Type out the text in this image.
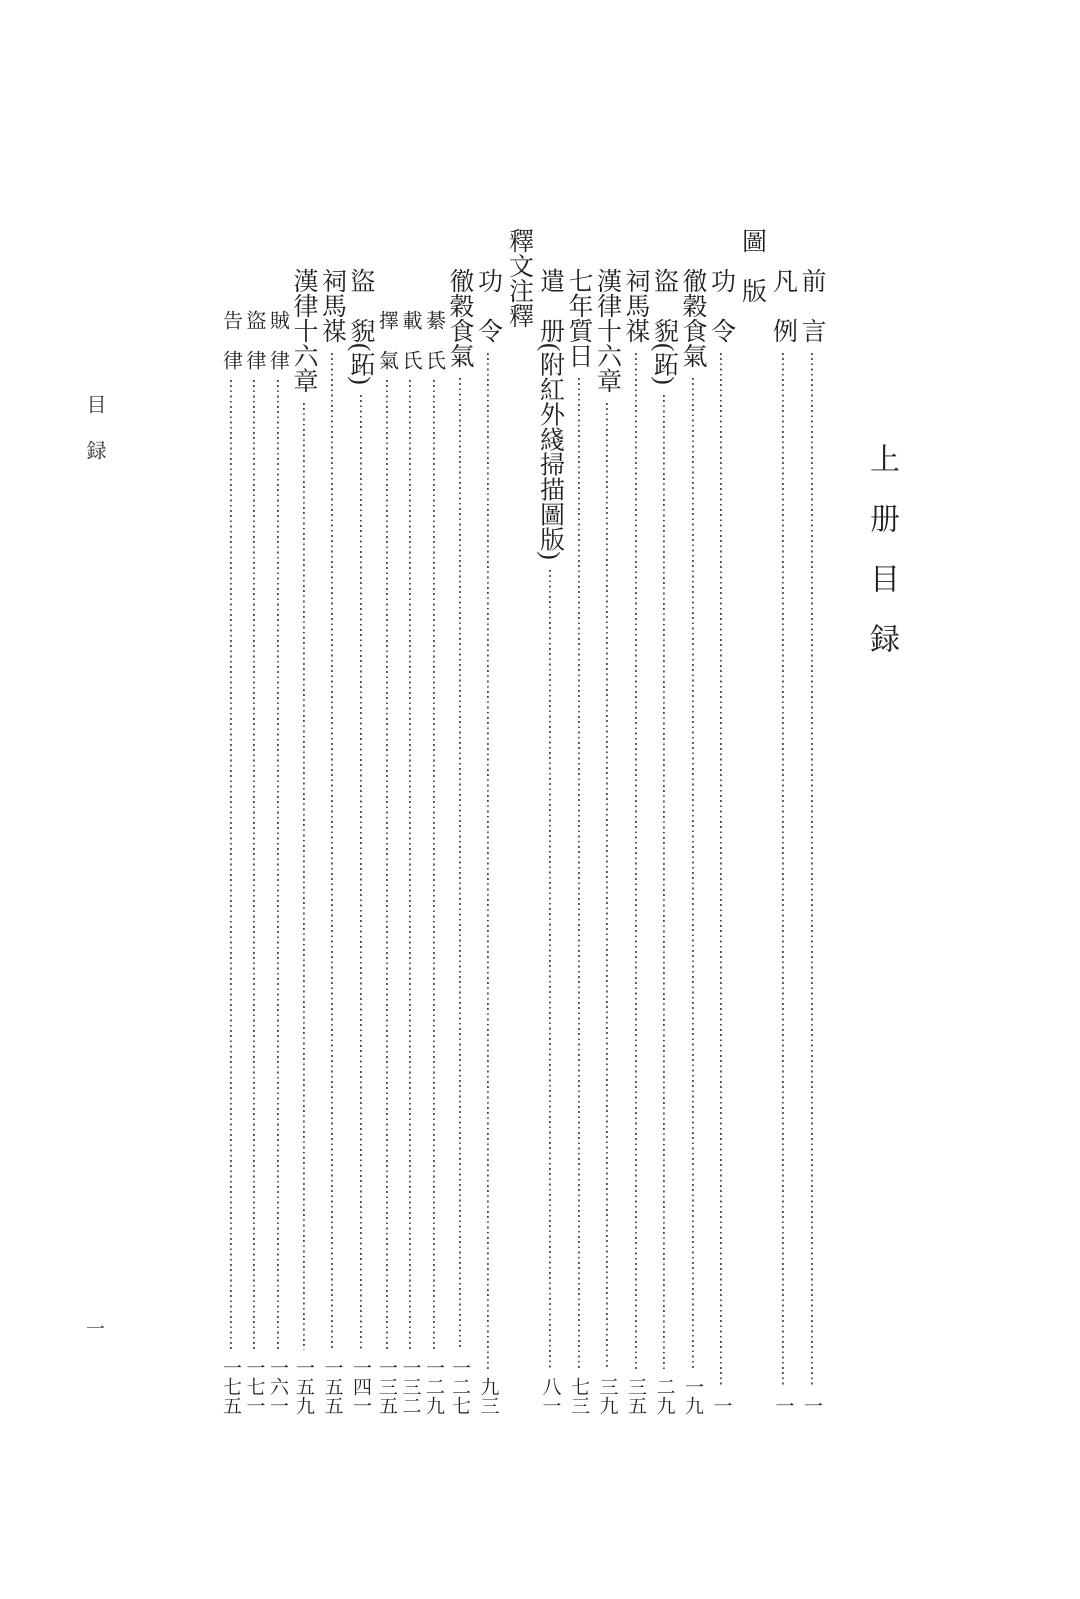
目録
一
上册目録
前　言
一
凡　例
一
圖　版
功　令
一
徹穀食氣
一九
盜　貎(跖)
二九
祠馬禖
三五
漢律十六章
三九
七年質日
七三
遣　册(附紅外綫掃描圖版)
八一
釋文注釋
功　令
九三
徹穀食氣
一二七
綦　氏
一二九
載　氏
一三二
擇　氣
一三五
盜　貎(跖)
一四一
祠馬禖
一五五
漢律十六章
一五九
賊　律
一六一
盜　律
一七一
告　律
一七五
